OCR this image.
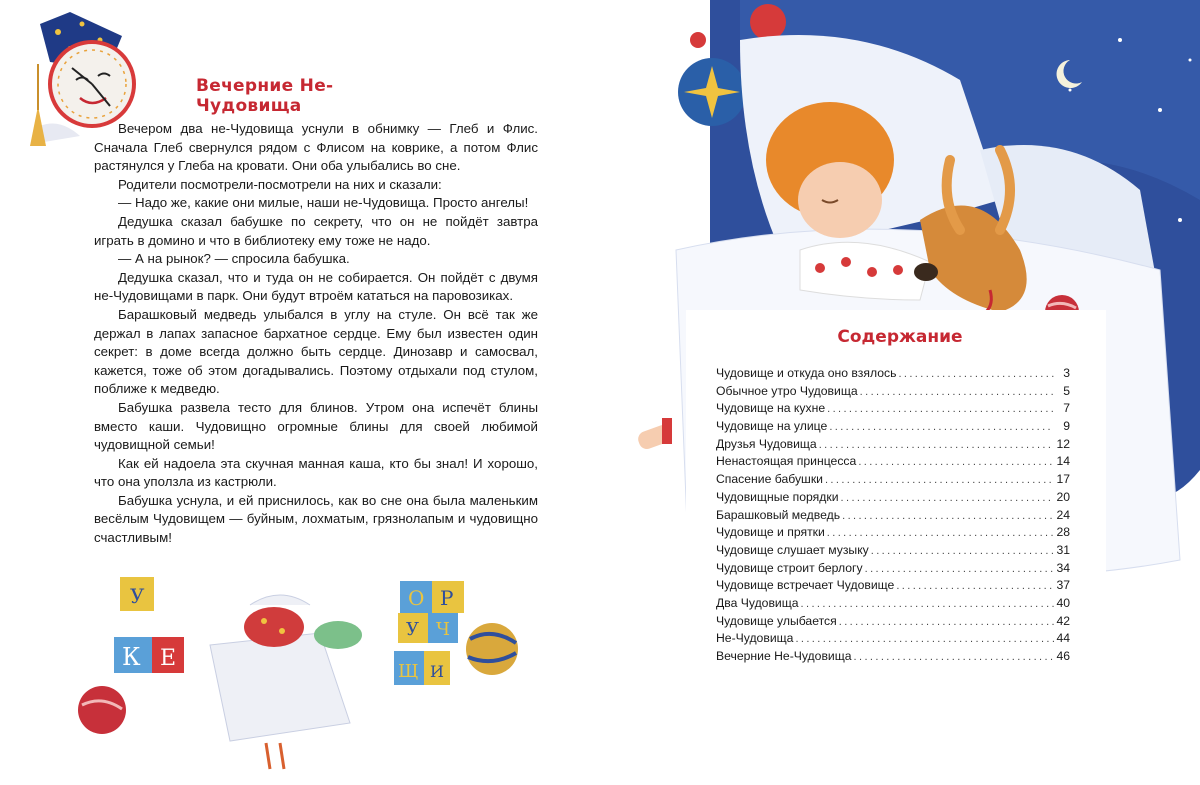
Вечерние Не-Чудовища

Вечером два не-Чудовища уснули в обнимку — Глеб и Флис. Сначала Глеб свернулся рядом с Флисом на коврике, а потом Флис растянулся у Глеба на кровати. Они оба улыбались во сне.

Родители посмотрели-посмотрели на них и сказали:

— Надо же, какие они милые, наши не-Чудовища. Просто ангелы!

Дедушка сказал бабушке по секрету, что он не пойдёт завтра играть в домино и что в библиотеку ему тоже не надо.

— А на рынок? — спросила бабушка.

Дедушка сказал, что и туда он не собирается. Он пойдёт с двумя не-Чудовищами в парк. Они будут втроём кататься на паровозиках.

Барашковый медведь улыбался в углу на стуле. Он всё так же держал в лапах запасное бархатное сердце. Ему был известен один секрет: в доме всегда должно быть сердце. Динозавр и самосвал, кажется, тоже об этом догадывались. Поэтому отдыхали под стулом, поближе к медведю.

Бабушка развела тесто для блинов. Утром она испечёт блины вместо каши. Чудовищно огромные блины для своей любимой чудовищной семьи!

Как ей надоела эта скучная манная каша, кто бы знал! И хорошо, что она уползла из кастрюли.

Бабушка уснула, и ей приснилось, как во сне она была маленьким весёлым Чудовищем — буйным, лохматым, грязнолапым и чудовищно счастливым!

У
К Е
О Р
У Ч
Щ И
Содержание
Чудовище и откуда оно взялось .....	3
Обычное утро Чудовища .....	5
Чудовище на кухне .....	7
Чудовище на улице .....	9
Друзья Чудовища .....	12
Ненастоящая принцесса .....	14
Спасение бабушки .....	17
Чудовищные порядки .....	20
Барашковый медведь .....	24
Чудовище и прятки .....	28
Чудовище слушает музыку .....	31
Чудовище строит берлогу .....	34
Чудовище встречает Чудовище .....	37
Два Чудовища .....	40
Чудовище улыбается .....	42
Не-Чудовища .....	44
Вечерние Не-Чудовища .....	46
